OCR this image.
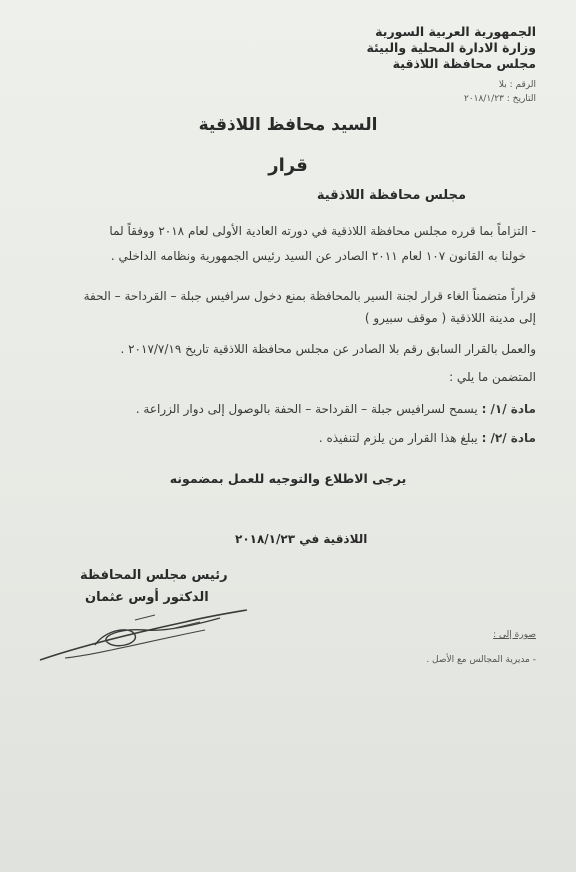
الجمهورية العربية السورية
وزارة الادارة المحلية والبيئة
مجلس محافظة اللاذقية
الرقم : بلا
التاريخ : ٢٠١٨/١/٢٣
السيد محافظ اللاذقية
قرار
مجلس محافظة اللاذقية
- التزاماً بما قرره مجلس محافظة اللاذقية في دورته العادية الأولى لعام ٢٠١٨ ووفقاً لما
خولنا به القانون ١٠٧ لعام ٢٠١١ الصادر عن السيد رئيس الجمهورية ونظامه الداخلي .
قراراً متضمناً الغاء قرار لجنة السير بالمحافظة بمنع دخول سرافيس جبلة – القرداحة – الحفة
إلى مدينة اللاذقية ( موقف سبيرو )
والعمل بالقرار السابق رقم بلا الصادر عن مجلس محافظة اللاذقية تاريخ ٢٠١٧/٧/١٩ .
المتضمن ما يلي :
مادة /١/ : يسمح لسرافيس جبلة – القرداحة – الحفة بالوصول إلى دوار الزراعة .
مادة /٢/ : يبلغ هذا القرار من يلزم لتنفيذه .
يرجى الاطلاع والتوجيه للعمل بمضمونه
اللاذقية في ٢٠١٨/١/٢٣
رئيس مجلس المحافظة
الدكتور أوس عثمان
صورة إلى :
- مديرية المجالس مع الأصل .
